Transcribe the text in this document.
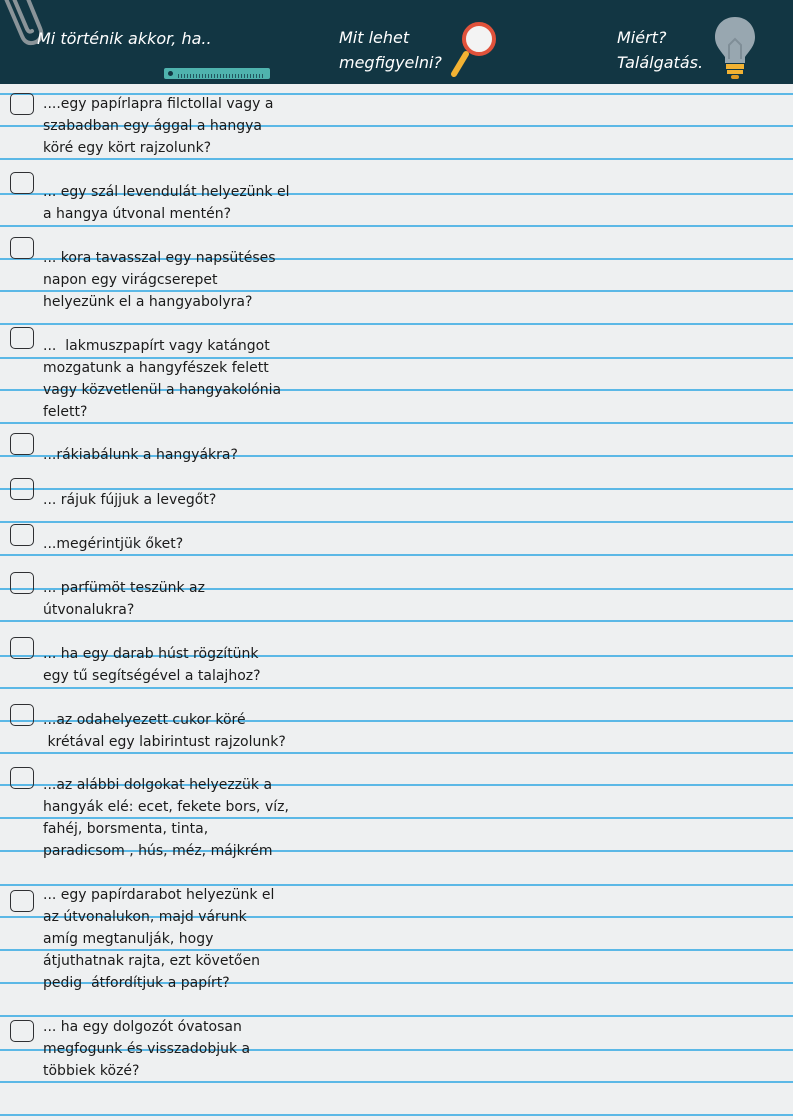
Mi történik akkor, ha..	Mit lehet
megfigyelni?
Miért?
Találgatás.
....egy papírlapra filctollal vagy a
szabadban egy ággal a hangya
köré egy kört rajzolunk?
... egy szál levendulát helyezünk el
a hangya útvonal mentén?
... kora tavasszal egy napsütéses
napon egy virágcserepet
helyezünk el a hangyabolyra?
...  lakmuszpapírt vagy katángot
mozgatunk a hangyfészek felett
vagy közvetlenül a hangyakolónia
felett?
...rákiabálunk a hangyákra?
... rájuk fújjuk a levegőt?
...megérintjük őket?
... parfümöt teszünk az
útvonalukra?
... ha egy darab húst rögzítünk
egy tű segítségével a talajhoz?
...az odahelyezett cukor köré
krétával egy labirintust rajzolunk?
...az alábbi dolgokat helyezzük a
hangyák elé: ecet, fekete bors, víz,
fahéj, borsmenta, tinta,
paradicsom , hús, méz, májkrém
... egy papírdarabot helyezünk el
az útvonalukon, majd várunk
amíg megtanulják, hogy
átjuthatnak rajta, ezt követően
pedig  átfordítjuk a papírt?
... ha egy dolgozót óvatosan
megfogunk és visszadobjuk a
többiek közé?
